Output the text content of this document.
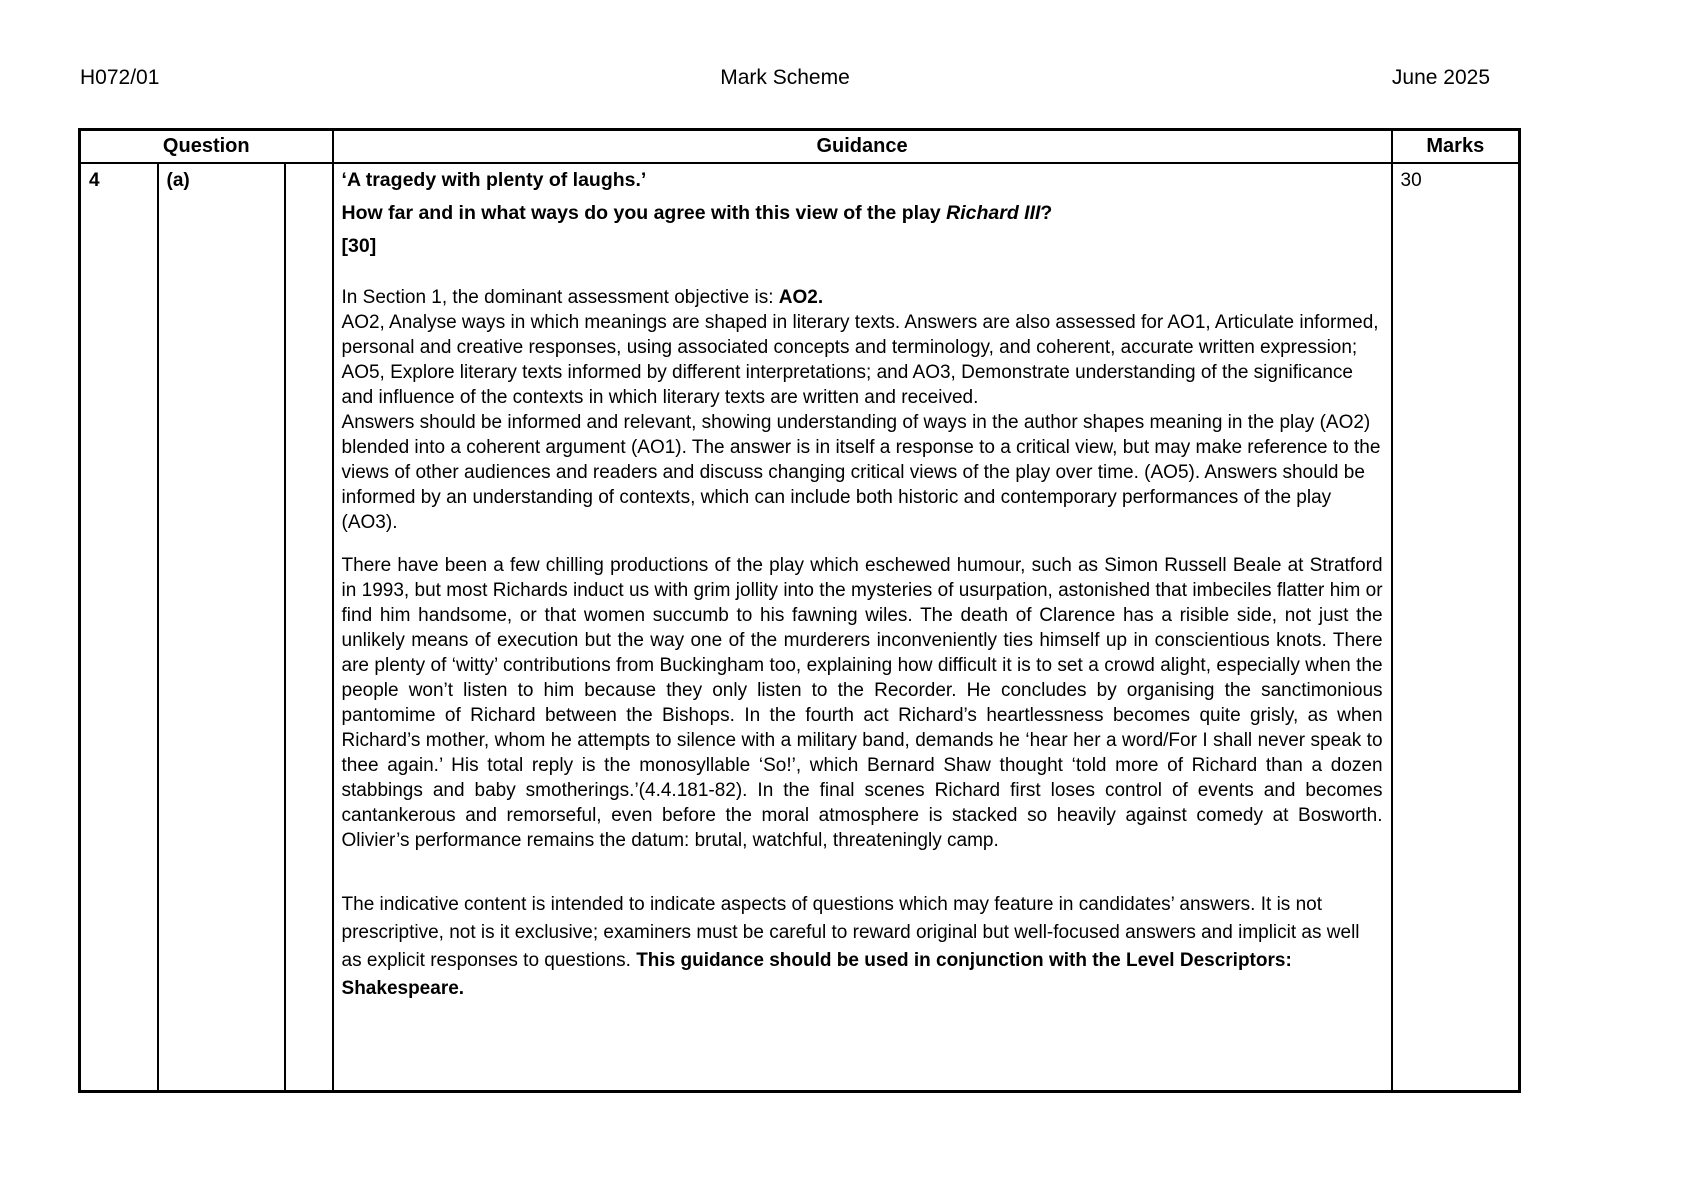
H072/01	Mark Scheme	June 2025
Question			Guidance	Marks
4	(a)		‘A tragedy with plenty of laughs.’
How far and in what ways do you agree with this view of the play Richard III?
[30]

In Section 1, the dominant assessment objective is: AO2.

AO2, Analyse ways in which meanings are shaped in literary texts. Answers are also assessed for AO1, Articulate informed, personal and creative responses, using associated concepts and terminology, and coherent, accurate written expression; AO5, Explore literary texts informed by different interpretations; and AO3, Demonstrate understanding of the significance and influence of the contexts in which literary texts are written and received.

Answers should be informed and relevant, showing understanding of ways in the author shapes meaning in the play (AO2) blended into a coherent argument (AO1). The answer is in itself a response to a critical view, but may make reference to the views of other audiences and readers and discuss changing critical views of the play over time. (AO5). Answers should be informed by an understanding of contexts, which can include both historic and contemporary performances of the play (AO3).

There have been a few chilling productions of the play which eschewed humour, such as Simon Russell Beale at Stratford in 1993, but most Richards induct us with grim jollity into the mysteries of usurpation, astonished that imbeciles flatter him or find him handsome, or that women succumb to his fawning wiles. The death of Clarence has a risible side, not just the unlikely means of execution but the way one of the murderers inconveniently ties himself up in conscientious knots. There are plenty of ‘witty’ contributions from Buckingham too, explaining how difficult it is to set a crowd alight, especially when the people won’t listen to him because they only listen to the Recorder. He concludes by organising the sanctimonious pantomime of Richard between the Bishops. In the fourth act Richard’s heartlessness becomes quite grisly, as when Richard’s mother, whom he attempts to silence with a military band, demands he ‘hear her a word/For I shall never speak to thee again.’ His total reply is the monosyllable ‘So!’, which Bernard Shaw thought ‘told more of Richard than a dozen stabbings and baby smotherings.’(4.4.181-82). In the final scenes Richard first loses control of events and becomes cantankerous and remorseful, even before the moral atmosphere is stacked so heavily against comedy at Bosworth. Olivier’s performance remains the datum: brutal, watchful, threateningly camp.

The indicative content is intended to indicate aspects of questions which may feature in candidates’ answers. It is not prescriptive, not is it exclusive; examiners must be careful to reward original but well-focused answers and implicit as well as explicit responses to questions. This guidance should be used in conjunction with the Level Descriptors: Shakespeare.

	30
